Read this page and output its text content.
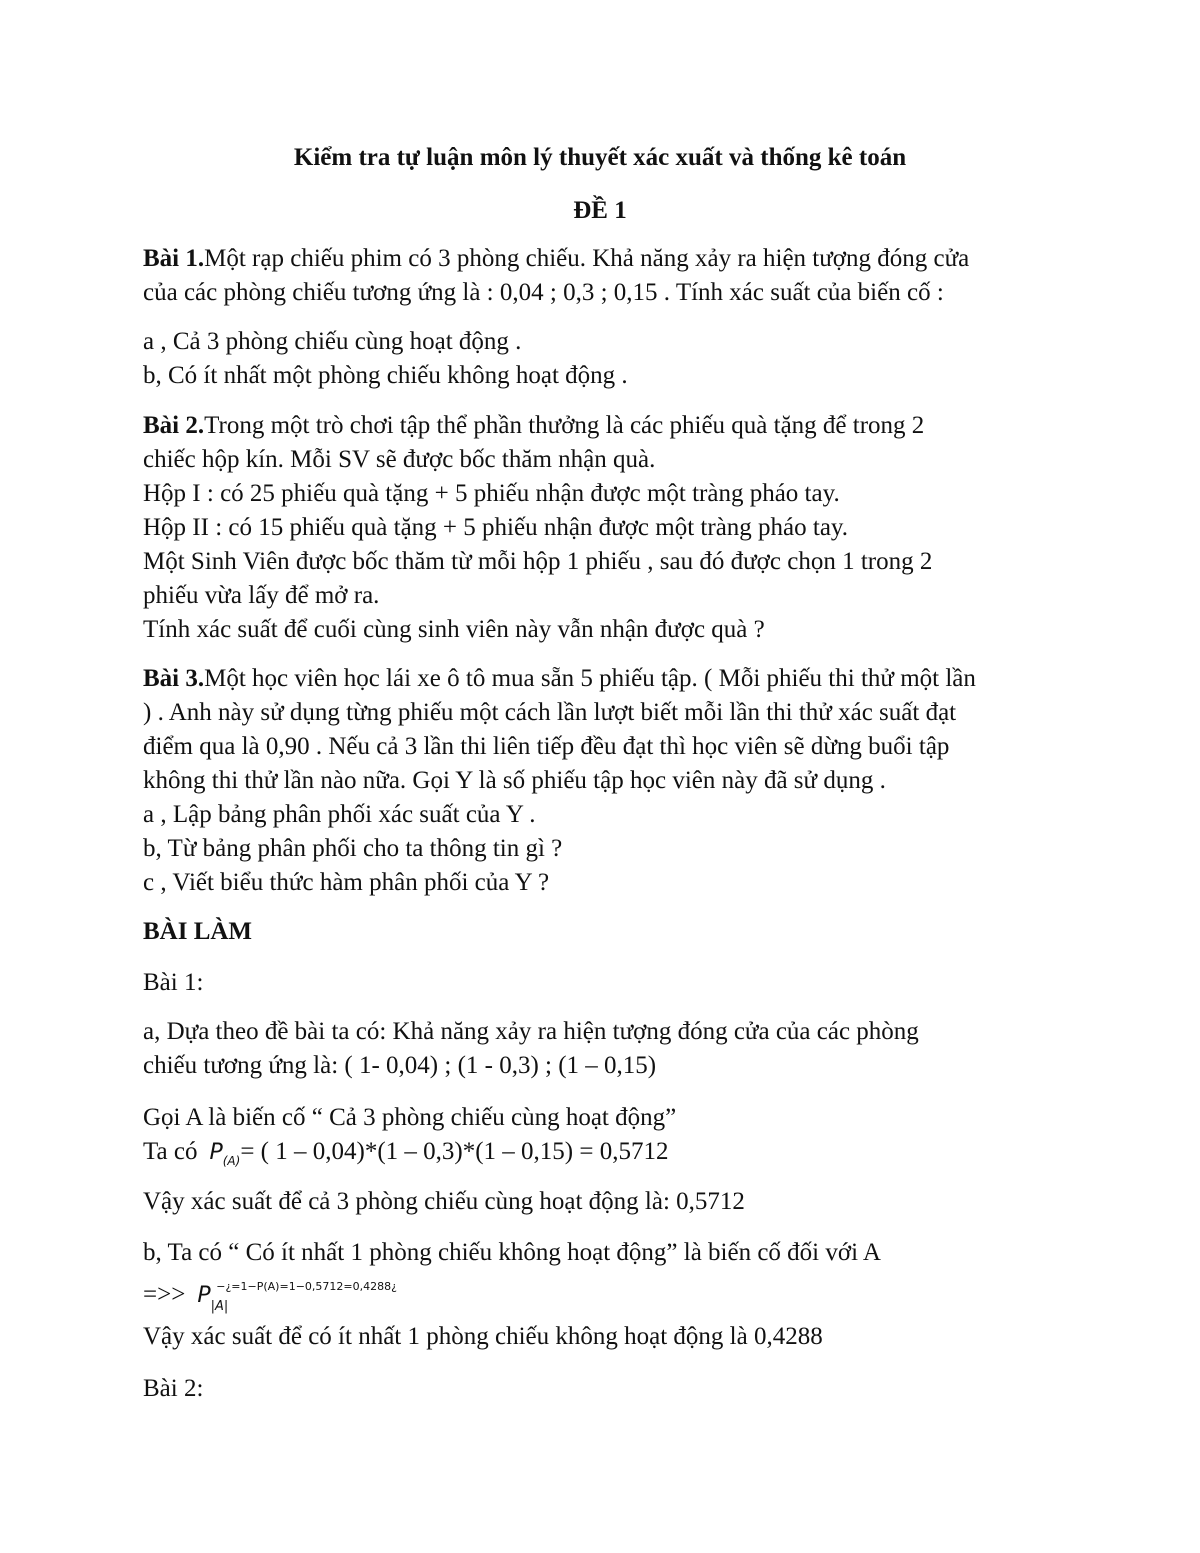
Kiểm tra tự luận môn lý thuyết xác xuất và thống kê toán
ĐỀ 1
Bài 1.Một rạp chiếu phim có 3 phòng chiếu. Khả năng xảy ra hiện tượng đóng cửa
của các phòng chiếu tương ứng là : 0,04 ; 0,3 ; 0,15 . Tính xác suất của biến cố :
a , Cả 3 phòng chiếu cùng hoạt động .
b, Có ít nhất một phòng chiếu không hoạt động .
Bài 2.Trong một trò chơi tập thể phần thưởng là các phiếu quà tặng để trong 2
chiếc hộp kín. Mỗi SV sẽ được bốc thăm nhận quà.
Hộp I : có 25 phiếu quà tặng + 5 phiếu nhận được một tràng pháo tay.
Hộp II : có 15 phiếu quà tặng + 5 phiếu nhận được một tràng pháo tay.
Một Sinh Viên được bốc thăm từ mỗi hộp 1 phiếu , sau đó được chọn 1 trong 2
phiếu vừa lấy để mở ra.
Tính xác suất để cuối cùng sinh viên này vẫn nhận được quà ?
Bài 3.Một học viên học lái xe ô tô mua sẵn 5 phiếu tập. ( Mỗi phiếu thi thử một lần
) . Anh này sử dụng từng phiếu một cách lần lượt biết mỗi lần thi thử xác suất đạt
điểm qua là 0,90 . Nếu cả 3 lần thi liên tiếp đều đạt thì học viên sẽ dừng buổi tập
không thi thử lần nào nữa. Gọi Y là số phiếu tập học viên này đã sử dụng .
a , Lập bảng phân phối xác suất của Y .
b, Từ bảng phân phối cho ta thông tin gì ?
c , Viết biểu thức hàm phân phối của Y ?
BÀI LÀM
Bài 1:
a, Dựa theo đề bài ta có: Khả năng xảy ra hiện tượng đóng cửa của các phòng
chiếu tương ứng là: ( 1- 0,04) ; (1 - 0,3) ; (1 – 0,15)
Gọi A là biến cố “ Cả 3 phòng chiếu cùng hoạt động”
Ta có $P_{(A)}=$ ( 1 – 0,04)*(1 – 0,3)*(1 – 0,15) = 0,5712
Vậy xác suất để cả 3 phòng chiếu cùng hoạt động là: 0,5712
b, Ta có “ Có ít nhất 1 phòng chiếu không hoạt động” là biến cố đối với A
=>> $P_{|A|}^{-¿=1-P(A)=1-0,5712=0,4288¿}$
Vậy xác suất để có ít nhất 1 phòng chiếu không hoạt động là 0,4288
Bài 2:
